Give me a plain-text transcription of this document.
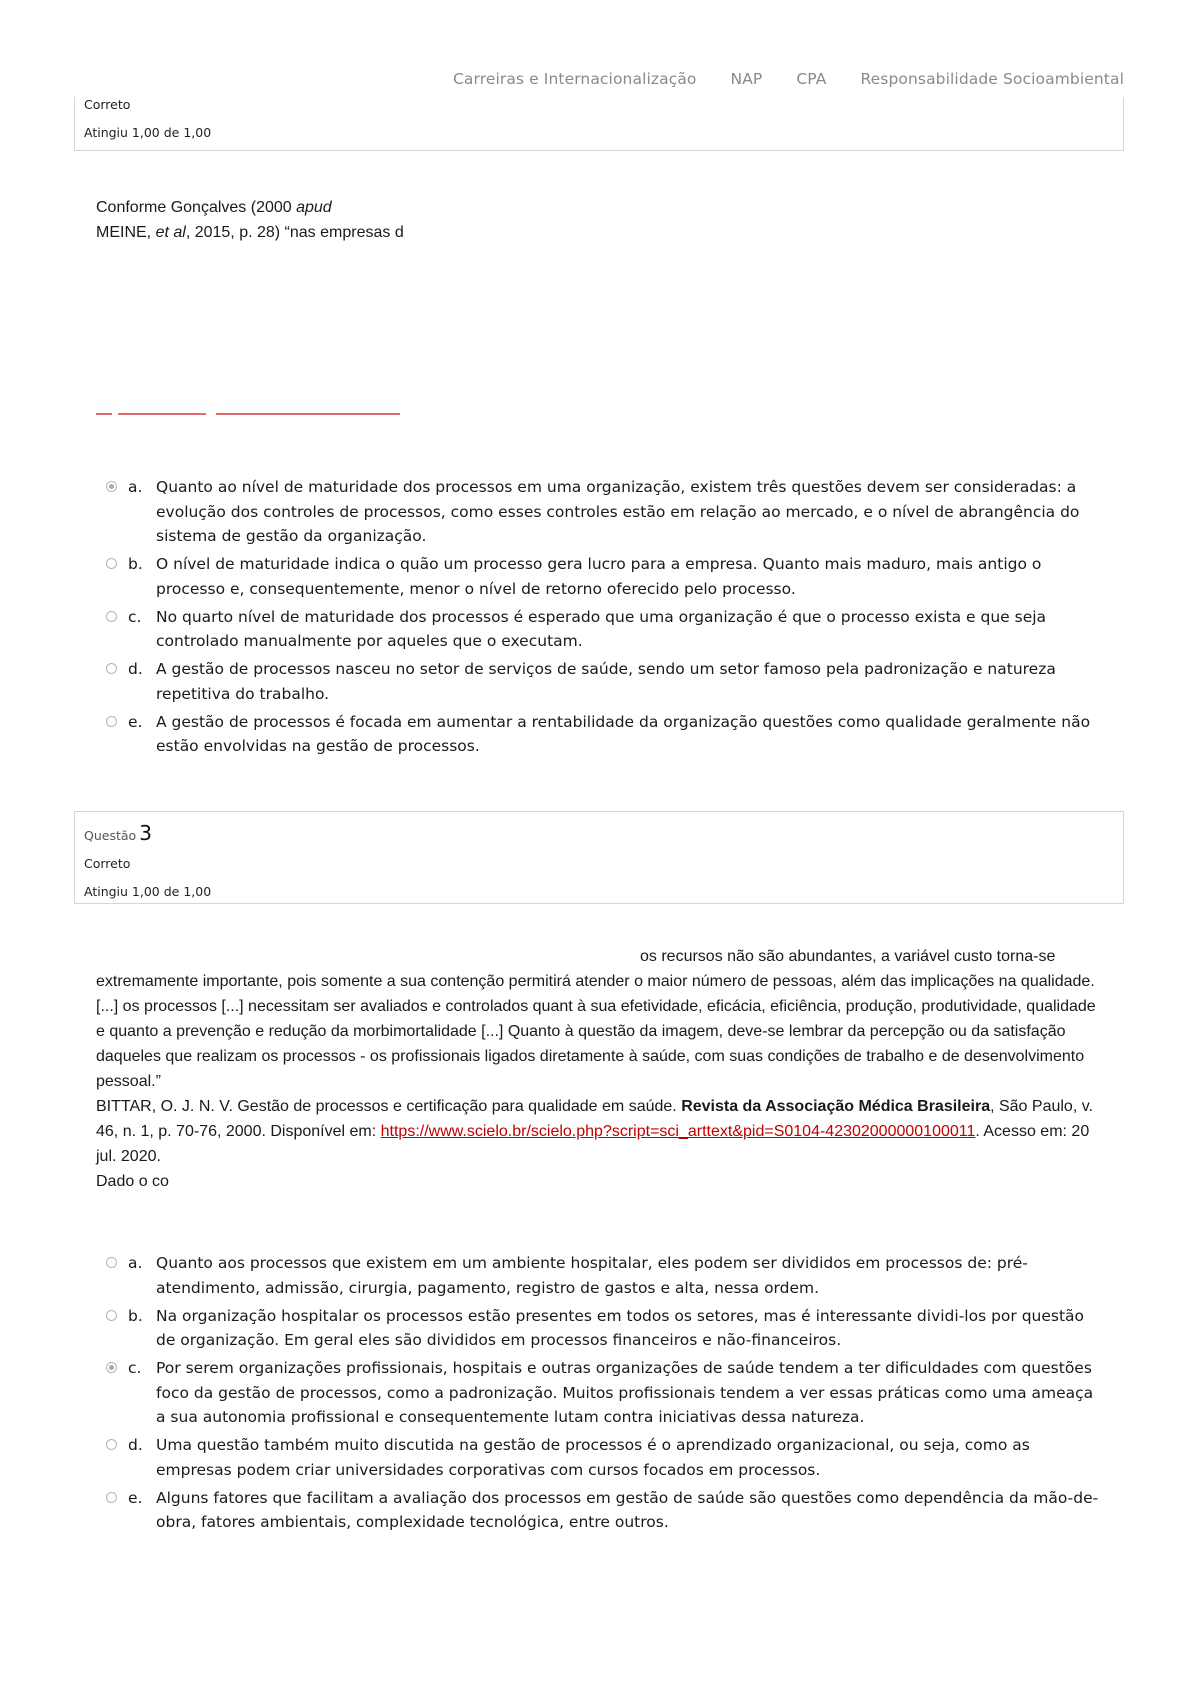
Carreiras e Internacionalização NAP CPA Responsabilidade Socioambiental
Correto
Atingiu 1,00 de 1,00
Conforme Gonçalves (2000 apud
MEINE, et al, 2015, p. 28) “nas empresas d
a. Quanto ao nível de maturidade dos processos em uma organização, existem três questões devem ser consideradas: a evolução dos controles de processos, como esses controles estão em relação ao mercado, e o nível de abrangência do sistema de gestão da organização.
b. O nível de maturidade indica o quão um processo gera lucro para a empresa. Quanto mais maduro, mais antigo o processo e, consequentemente, menor o nível de retorno oferecido pelo processo.
c. No quarto nível de maturidade dos processos é esperado que uma organização é que o processo exista e que seja controlado manualmente por aqueles que o executam.
d. A gestão de processos nasceu no setor de serviços de saúde, sendo um setor famoso pela padronização e natureza repetitiva do trabalho.
e. A gestão de processos é focada em aumentar a rentabilidade da organização questões como qualidade geralmente não estão envolvidas na gestão de processos.
Questão 3
Correto
Atingiu 1,00 de 1,00
os recursos não são abundantes, a variável custo torna-se extremamente importante, pois somente a sua contenção permitirá atender o maior número de pessoas, além das implicações na qualidade. [...] os processos [...] necessitam ser avaliados e controlados quant à sua efetividade, eficácia, eficiência, produção, produtividade, qualidade e quanto a prevenção e redução da morbimortalidade [...] Quanto à questão da imagem, deve-se lembrar da percepção ou da satisfação daqueles que realizam os processos - os profissionais ligados diretamente à saúde, com suas condições de trabalho e de desenvolvimento pessoal.”
BITTAR, O. J. N. V. Gestão de processos e certificação para qualidade em saúde. Revista da Associação Médica Brasileira, São Paulo, v. 46, n. 1, p. 70-76, 2000. Disponível em: https://www.scielo.br/scielo.php?script=sci_arttext&pid=S0104-42302000000100011. Acesso em: 20 jul. 2020.
Dado o co
a. Quanto aos processos que existem em um ambiente hospitalar, eles podem ser divididos em processos de: pré-atendimento, admissão, cirurgia, pagamento, registro de gastos e alta, nessa ordem.
b. Na organização hospitalar os processos estão presentes em todos os setores, mas é interessante dividi-los por questão de organização. Em geral eles são divididos em processos financeiros e não-financeiros.
c. Por serem organizações profissionais, hospitais e outras organizações de saúde tendem a ter dificuldades com questões foco da gestão de processos, como a padronização. Muitos profissionais tendem a ver essas práticas como uma ameaça a sua autonomia profissional e consequentemente lutam contra iniciativas dessa natureza.
d. Uma questão também muito discutida na gestão de processos é o aprendizado organizacional, ou seja, como as empresas podem criar universidades corporativas com cursos focados em processos.
e. Alguns fatores que facilitam a avaliação dos processos em gestão de saúde são questões como dependência da mão-de-obra, fatores ambientais, complexidade tecnológica, entre outros.
